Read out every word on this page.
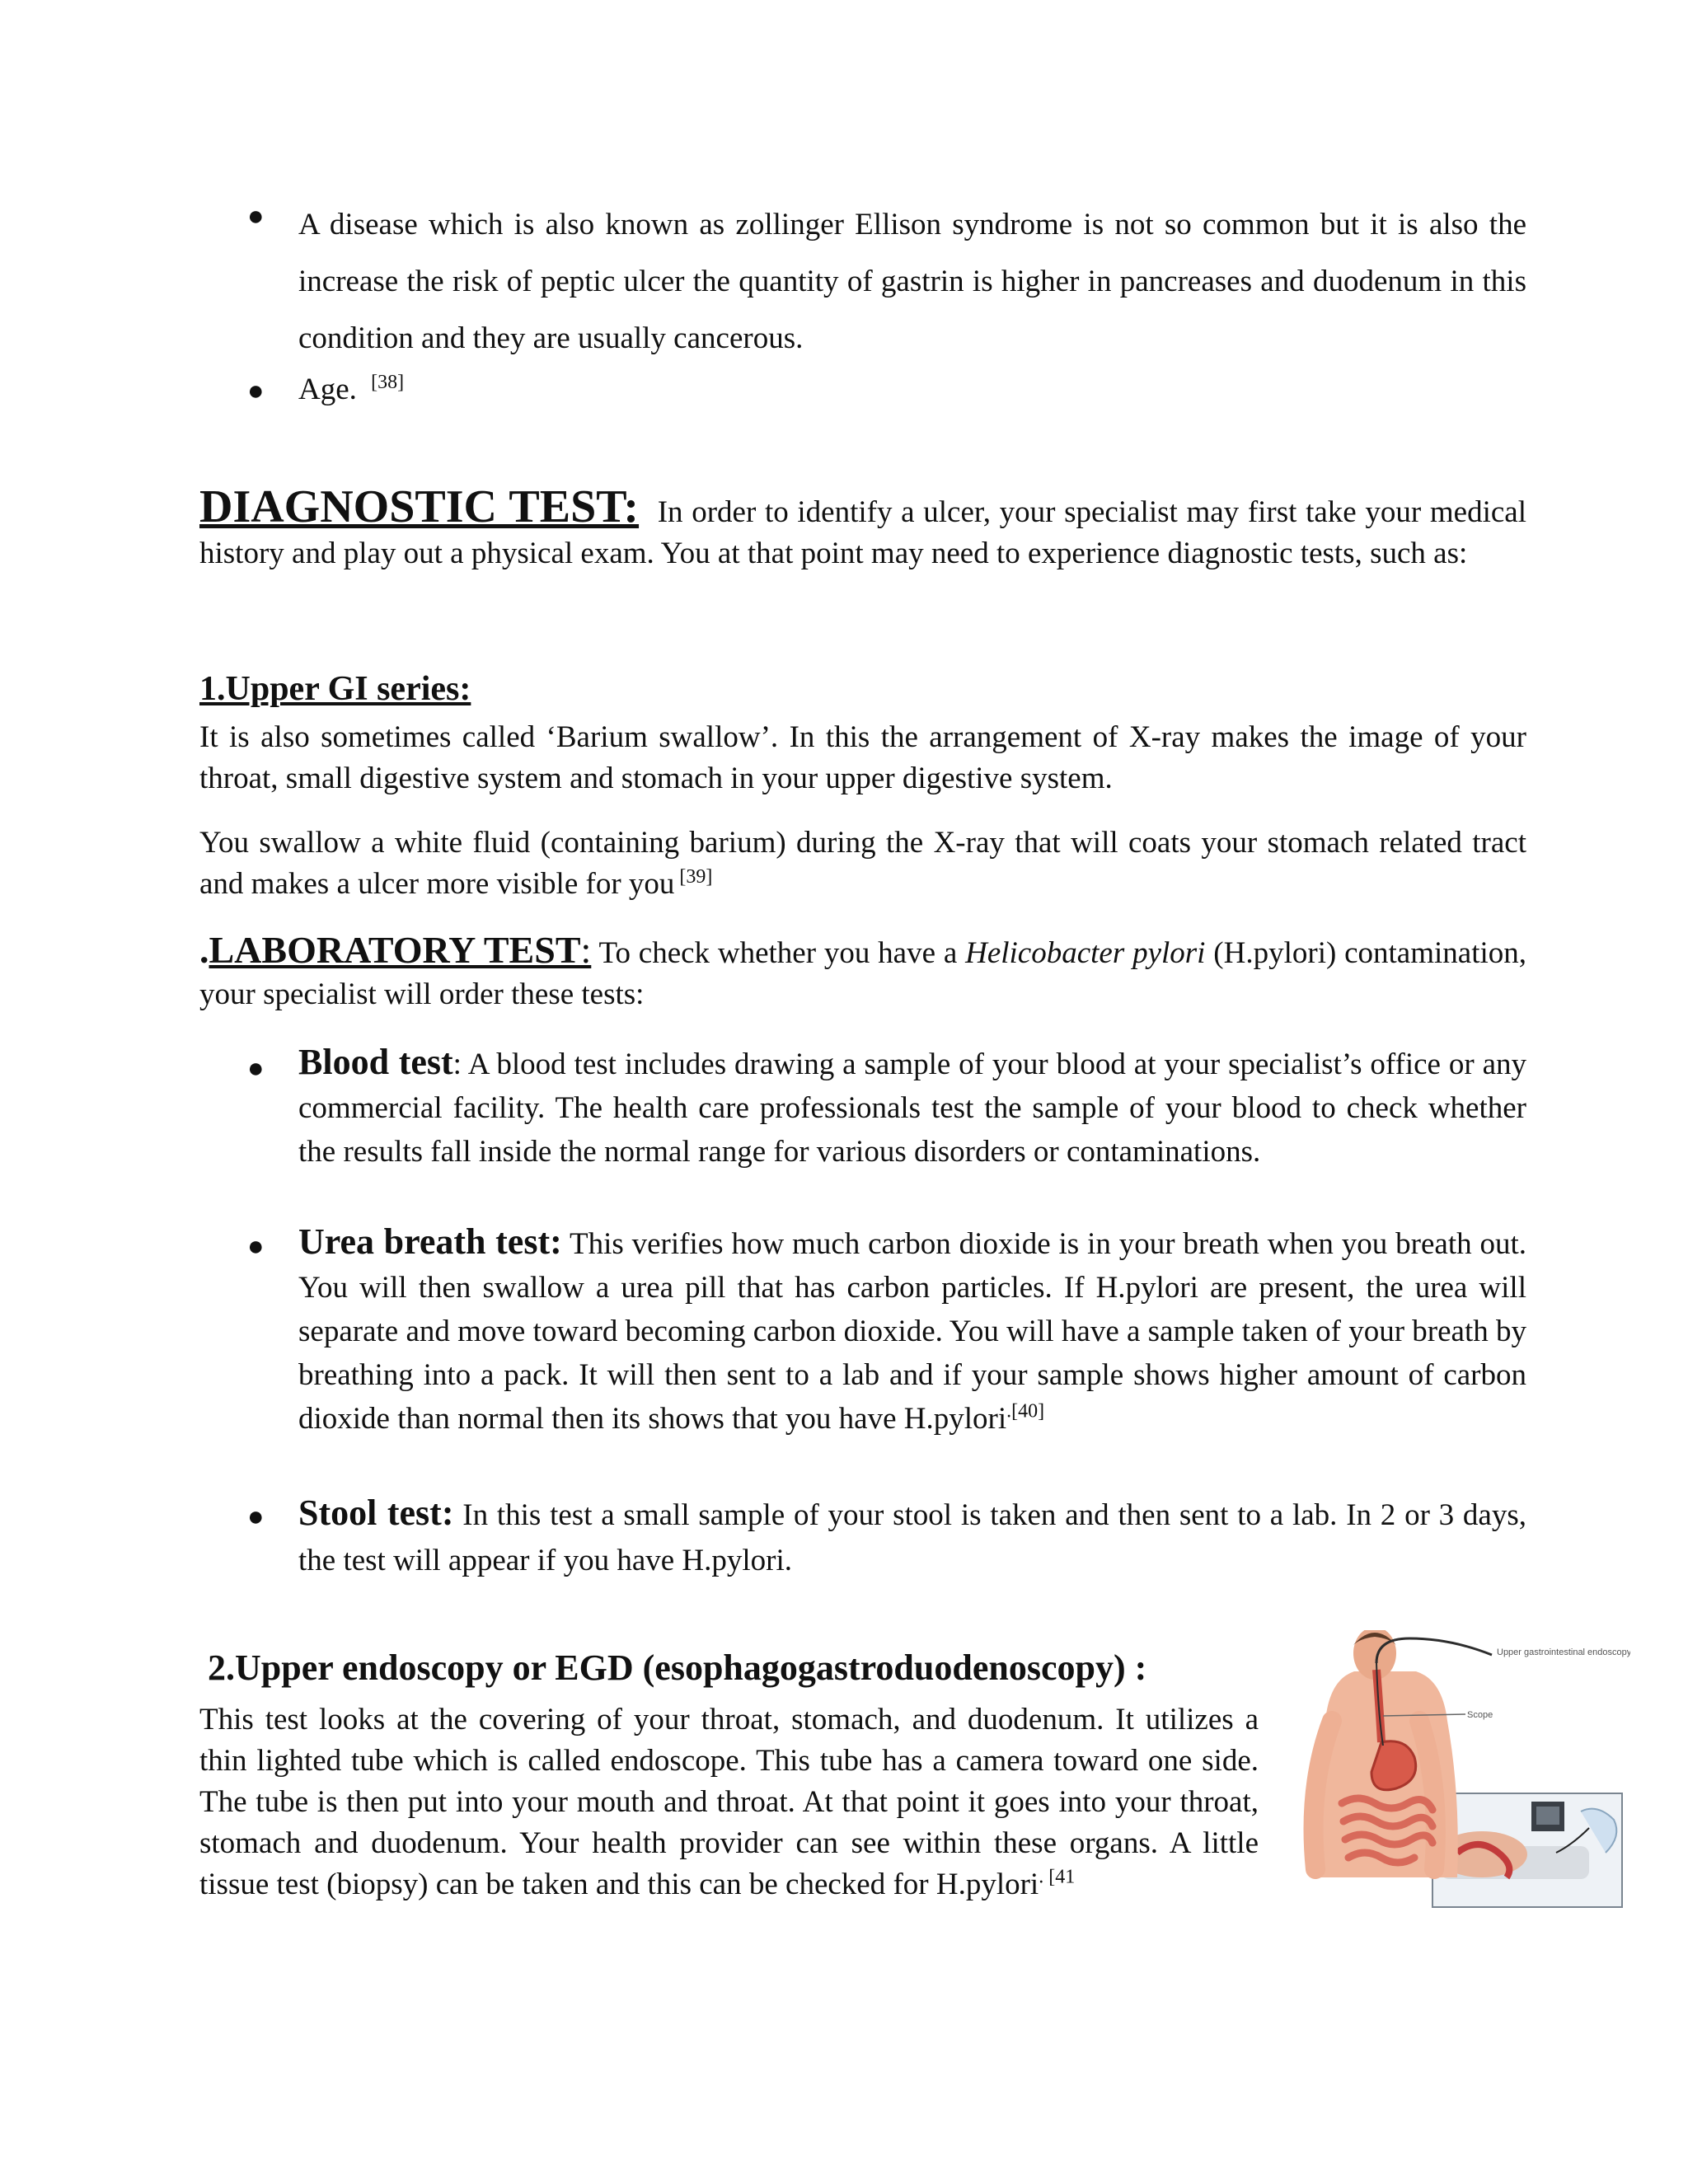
● A disease which is also known as zollinger Ellison syndrome is not so common but it is also the increase the risk of peptic ulcer the quantity of gastrin is higher in pancreases and duodenum in this condition and they are usually cancerous.
● Age. [38]
DIAGNOSTIC TEST: In order to identify a ulcer, your specialist may first take your medical history and play out a physical exam. You at that point may need to experience diagnostic tests, such as:
1.Upper GI series:
It is also sometimes called ‘Barium swallow’. In this the arrangement of X-ray makes the image of your throat, small digestive system and stomach in your upper digestive system.
You swallow a white fluid (containing barium) during the X-ray that will coats your stomach related tract and makes a ulcer more visible for you [39]
.LABORATORY TEST: To check whether you have a Helicobacter pylori (H.pylori) contamination, your specialist will order these tests:
● Blood test: A blood test includes drawing a sample of your blood at your specialist’s office or any commercial facility. The health care professionals test the sample of your blood to check whether the results fall inside the normal range for various disorders or contaminations.
● Urea breath test: This verifies how much carbon dioxide is in your breath when you breath out. You will then swallow a urea pill that has carbon particles. If H.pylori are present, the urea will separate and move toward becoming carbon dioxide. You will have a sample taken of your breath by breathing into a pack. It will then sent to a lab and if your sample shows higher amount of carbon dioxide than normal then its shows that you have H.pylori$^{.[40]}$
● Stool test: In this test a small sample of your stool is taken and then sent to a lab. In 2 or 3 days, the test will appear if you have H.pylori.
2.Upper endoscopy or EGD (esophagogastroduodenoscopy) :
This test looks at the covering of your throat, stomach, and duodenum. It utilizes a thin lighted tube which is called endoscope. This tube has a camera toward one side. The tube is then put into your mouth and throat. At that point it goes into your throat, stomach and duodenum. Your health provider can see within these organs. A little tissue test (biopsy) can be taken and this can be checked for H.pylori$^{. [41}$
Scope
Upper gastrointestinal endoscopy
